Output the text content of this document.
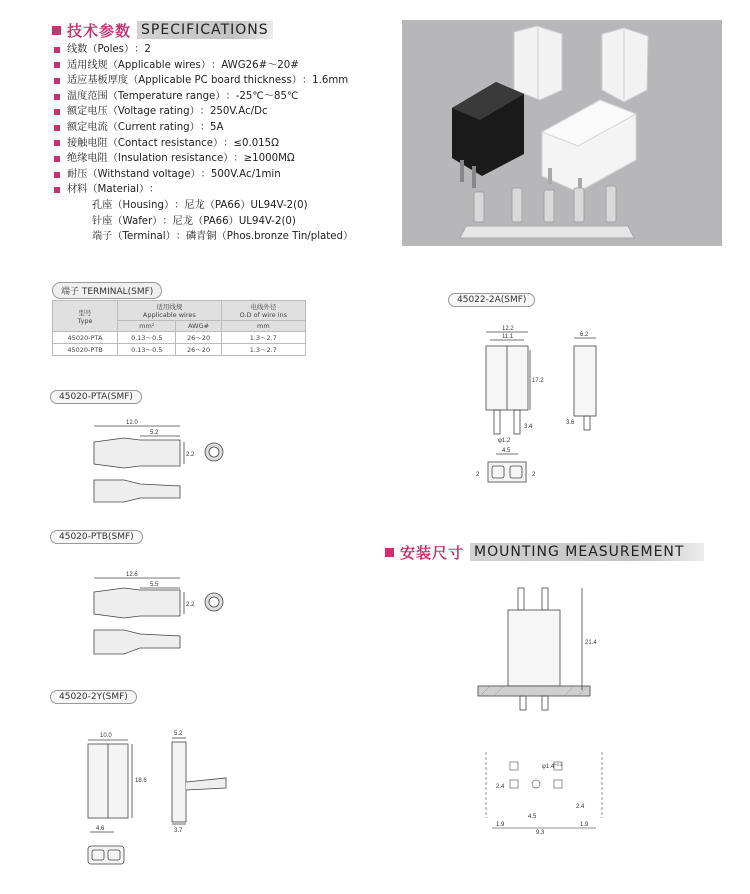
技术参数 SPECIFICATIONS
线数 （Poles） ：2
适用线规 （Applicable wires） ：AWG26#～20#
适应基板厚度 （Applicable PC board thickness） ：1.6mm
温度范围 （Temperature range） ：-25℃～85℃
额定电压 （Voltage rating） ：250V.Ac/Dc
额定电流 （Current rating） ：5A
接触电阻 （Contact resistance） ：≤0.015Ω
绝缘电阻 （Insulation resistance） ：≥1000MΩ
耐压 （Withstand voltage） ：500V.Ac/1min
材料 （Material） ：
孔座 （Housing） ：尼龙（PA66）UL94V-2(0)
针座 （Wafer） ：尼龙（PA66）UL94V-2(0)
端子 （Terminal） ：磷青铜（Phos.bronze Tin/plated）
端子 TERMINAL(SMF)
型号
Type	适用线规
Applicable wires		电线外径
O.D of wire ins
	mm²	AWG#	mm
45020-PTA	0.13～0.5	26～20	1.3～2.7
45020-PTB	0.13～0.5	26～20	1.3～2.7
45020-PTA(SMF)
45020-PTB(SMF)
45020-2Y(SMF)
45022-2A(SMF)
12.0
5.2
2.2
12.6
5.5
2.2
10.0
18.6
5.2
3.7
4.6
12.2
11.1
17.2
3.4
6.2
3.6
φ1.2
4.5
2	2
安装尺寸 MOUNTING MEASUREMENT
21.4
$\varphi 1.4^{+0.1}$
2.4
2.4
4.5
1.9
9.3
1.9
